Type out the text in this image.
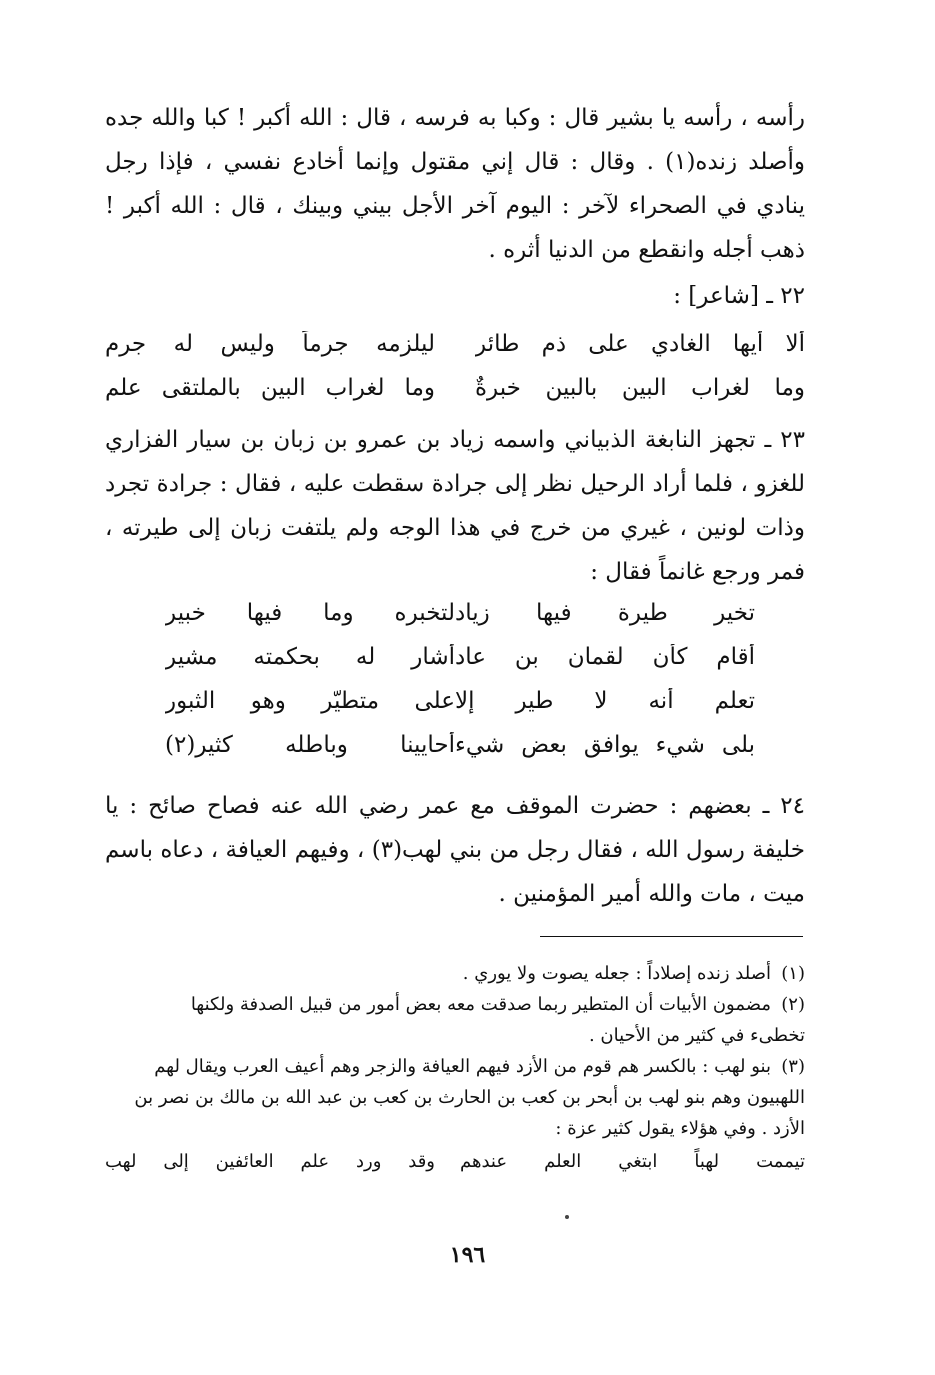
رأسه ، رأسه يا بشير قال : وكبا به فرسه ، قال : الله أكبر ! كبا والله جده وأصلد زنده(١) . وقال : قال إني مقتول وإنما أخادع نفسي ، فإذا رجل ينادي في الصحراء لآخر : اليوم آخر الأجل بيني وبينك ، قال : الله أكبر ! ذهب أجله وانقطع من الدنيا أثره .

٢٢ ـ [شاعر] :
ألا أيها الغادي على ذم طائر
ليلزمه جرماً وليس له جرم
وما لغراب البين بالبين خبرةٌ
وما لغراب البين بالملتقى علم

٢٣ ـ تجهز النابغة الذبياني واسمه زياد بن عمرو بن زبان بن سيار الفزاري للغزو ، فلما أراد الرحيل نظر إلى جرادة سقطت عليه ، فقال : جرادة تجرد وذات لونين ، غيري من خرج في هذا الوجه ولم يلتفت زبان إلى طيرته ، فمر ورجع غانماً فقال :

تخير طيرة فيها زياد
لتخبره وما فيها خبير
أقام كأن لقمان بن عاد
أشار له بحكمته مشير
تعلم أنه لا طير إلا
على متطيّر وهو الثبور
بلى شيء يوافق بعض شيء
أحايينا وباطله كثير(٢)

٢٤ ـ بعضهم : حضرت الموقف مع عمر رضي الله عنه فصاح صائح : يا خليفة رسول الله ، فقال رجل من بني لهب(٣) ، وفيهم العيافة ، دعاه باسم ميت ، مات والله أمير المؤمنين .

(١)أصلد زنده إصلاداً : جعله يصوت ولا يوري .

(٢)مضمون الأبيات أن المتطير ربما صدقت معه بعض أمور من قبيل الصدفة ولكنها

تخطىء في كثير من الأحيان .

(٣)بنو لهب : بالكسر هم قوم من الأزد فيهم العيافة والزجر وهم أعيف العرب ويقال لهم

اللهبيون وهم بنو لهب بن أبحر بن كعب بن الحارث بن كعب بن عبد الله بن مالك بن نصر بن الأزد . وفي هؤلاء يقول كثير عزة :

تيممت لهباً ابتغي العلم عندهم
وقد ورد علم العائفين إلى لهب
١٩٦
